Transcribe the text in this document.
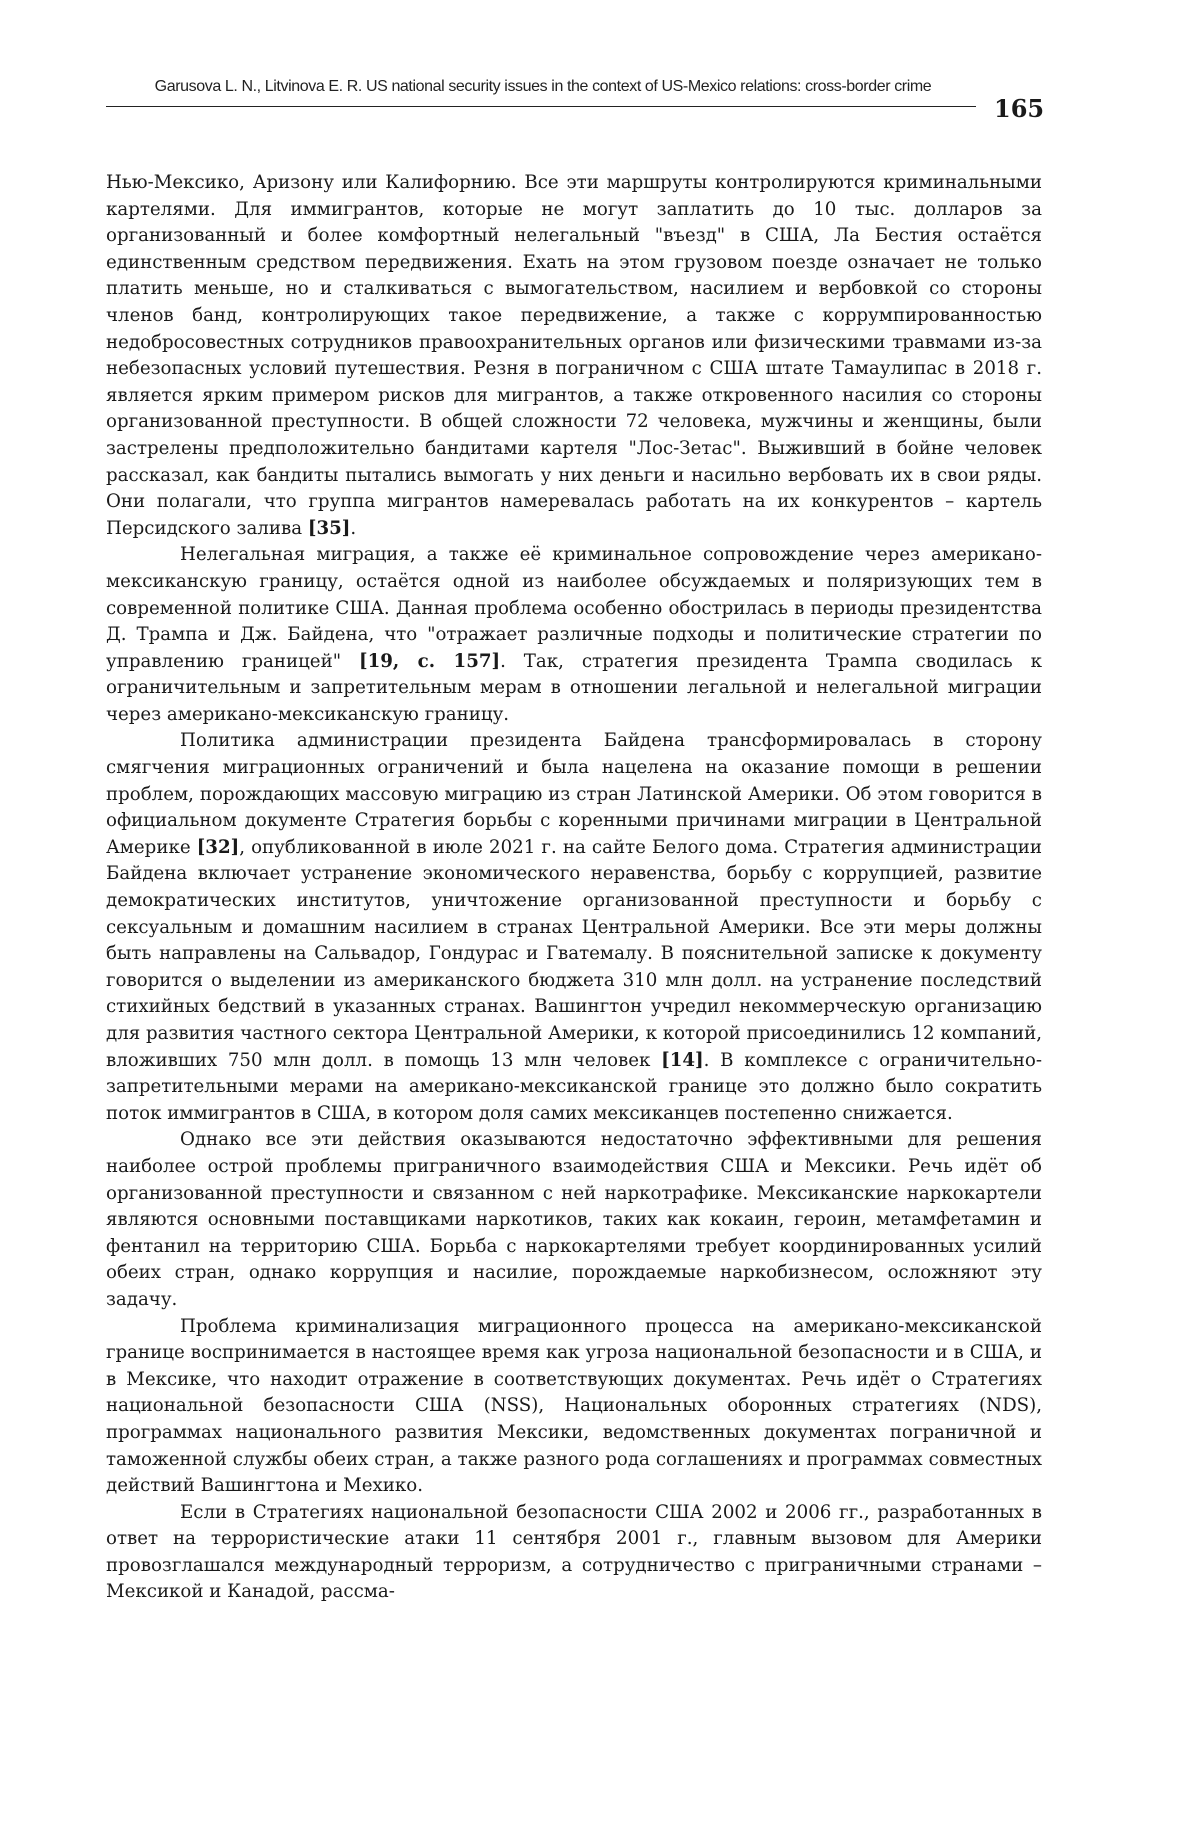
Garusova L. N., Litvinova E. R. US national security issues in the context of US-Mexico relations: cross-border crime
165

Нью-Мексико, Аризону или Калифорнию. Все эти маршруты контролируются криминальными картелями. Для иммигрантов, которые не могут заплатить до 10 тыс. долларов за организованный и более комфортный нелегальный "въезд" в США, Ла Бестия остаётся единственным средством передвижения. Ехать на этом грузовом поезде означает не только платить меньше, но и сталкиваться с вымогательством, насилием и вербовкой со стороны членов банд, контролирующих такое передвижение, а также с коррумпированностью недобросовестных сотрудников правоохранительных органов или физическими травмами из-за небезопасных условий путешествия. Резня в пограничном с США штате Тамаулипас в 2018 г. является ярким примером рисков для мигрантов, а также откровенного насилия со стороны организованной преступности. В общей сложности 72 человека, мужчины и женщины, были застрелены предположительно бандитами картеля "Лос-Зетас". Выживший в бойне человек рассказал, как бандиты пытались вымогать у них деньги и насильно вербовать их в свои ряды. Они полагали, что группа мигрантов намеревалась работать на их конкурентов – картель Персидского залива [35].

Нелегальная миграция, а также её криминальное сопровождение через американо-мексиканскую границу, остаётся одной из наиболее обсуждаемых и поляризующих тем в современной политике США. Данная проблема особенно обострилась в периоды президентства Д. Трампа и Дж. Байдена, что "отражает различные подходы и политические стратегии по управлению границей" [19, с. 157]. Так, стратегия президента Трампа сводилась к ограничительным и запретительным мерам в отношении легальной и нелегальной миграции через американо-мексиканскую границу.

Политика администрации президента Байдена трансформировалась в сторону смягчения миграционных ограничений и была нацелена на оказание помощи в решении проблем, порождающих массовую миграцию из стран Латинской Америки. Об этом говорится в официальном документе Стратегия борьбы с коренными причинами миграции в Центральной Америке [32], опубликованной в июле 2021 г. на сайте Белого дома. Стратегия администрации Байдена включает устранение экономического неравенства, борьбу с коррупцией, развитие демократических институтов, уничтожение организованной преступности и борьбу с сексуальным и домашним насилием в странах Центральной Америки. Все эти меры должны быть направлены на Сальвадор, Гондурас и Гватемалу. В пояснительной записке к документу говорится о выделении из американского бюджета 310 млн долл. на устранение последствий стихийных бедствий в указанных странах. Вашингтон учредил некоммерческую организацию для развития частного сектора Центральной Америки, к которой присоединились 12 компаний, вложивших 750 млн долл. в помощь 13 млн человек [14]. В комплексе с ограничительно-запретительными мерами на американо-мексиканской границе это должно было сократить поток иммигрантов в США, в котором доля самих мексиканцев постепенно снижается.

Однако все эти действия оказываются недостаточно эффективными для решения наиболее острой проблемы приграничного взаимодействия США и Мексики. Речь идёт об организованной преступности и связанном с ней наркотрафике. Мексиканские наркокартели являются основными поставщиками наркотиков, таких как кокаин, героин, метамфетамин и фентанил на территорию США. Борьба с наркокартелями требует координированных усилий обеих стран, однако коррупция и насилие, порождаемые наркобизнесом, осложняют эту задачу.

Проблема криминализация миграционного процесса на американо-мексиканской границе воспринимается в настоящее время как угроза национальной безопасности и в США, и в Мексике, что находит отражение в соответствующих документах. Речь идёт о Стратегиях национальной безопасности США (NSS), Национальных оборонных стратегиях (NDS), программах национального развития Мексики, ведомственных документах пограничной и таможенной службы обеих стран, а также разного рода соглашениях и программах совместных действий Вашингтона и Мехико.

Если в Стратегиях национальной безопасности США 2002 и 2006 гг., разработанных в ответ на террористические атаки 11 сентября 2001 г., главным вызовом для Америки провозглашался международный терроризм, а сотрудничество с приграничными странами – Мексикой и Канадой, рассма-
